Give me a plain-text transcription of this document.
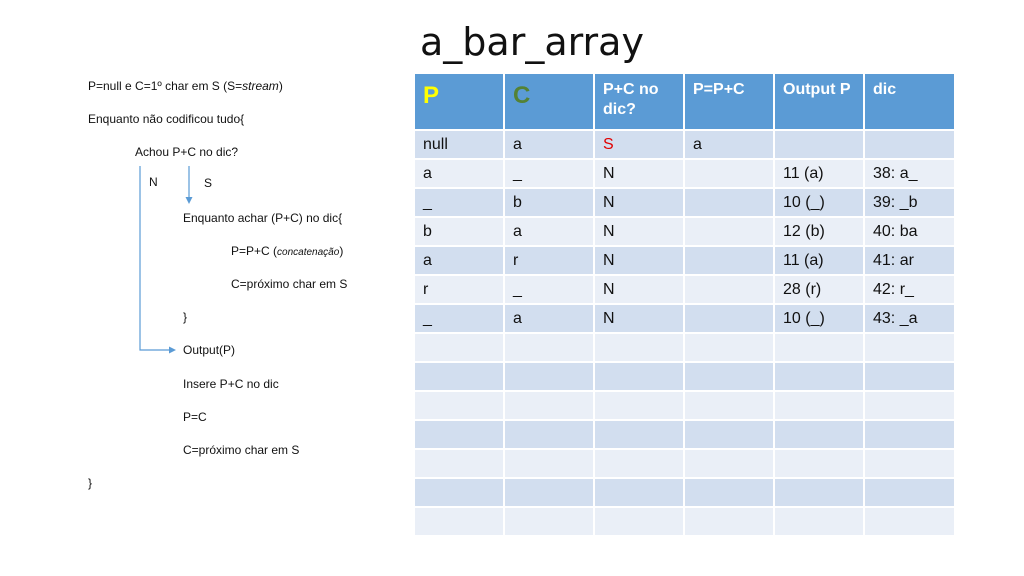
a_bar_array
P=null e C=1º char em S (S=stream)
Enquanto não codificou tudo{
Achou P+C no dic?
N	S
Enquanto achar (P+C) no dic{
P=P+C (concatenação)
C=próximo char em S
}
Output(P)
Insere P+C no dic
P=C
C=próximo char em S
}
P	C	P+C no dic?	P=P+C	Output P	dic
null	a	S	a		
a	_	N		11 (a)	38: a_
_	b	N		10 (_)	39: _b
b	a	N		12 (b)	40: ba
a	r	N		11 (a)	41: ar
r	_	N		28 (r)	42: r_
_	a	N		10 (_)	43: _a
